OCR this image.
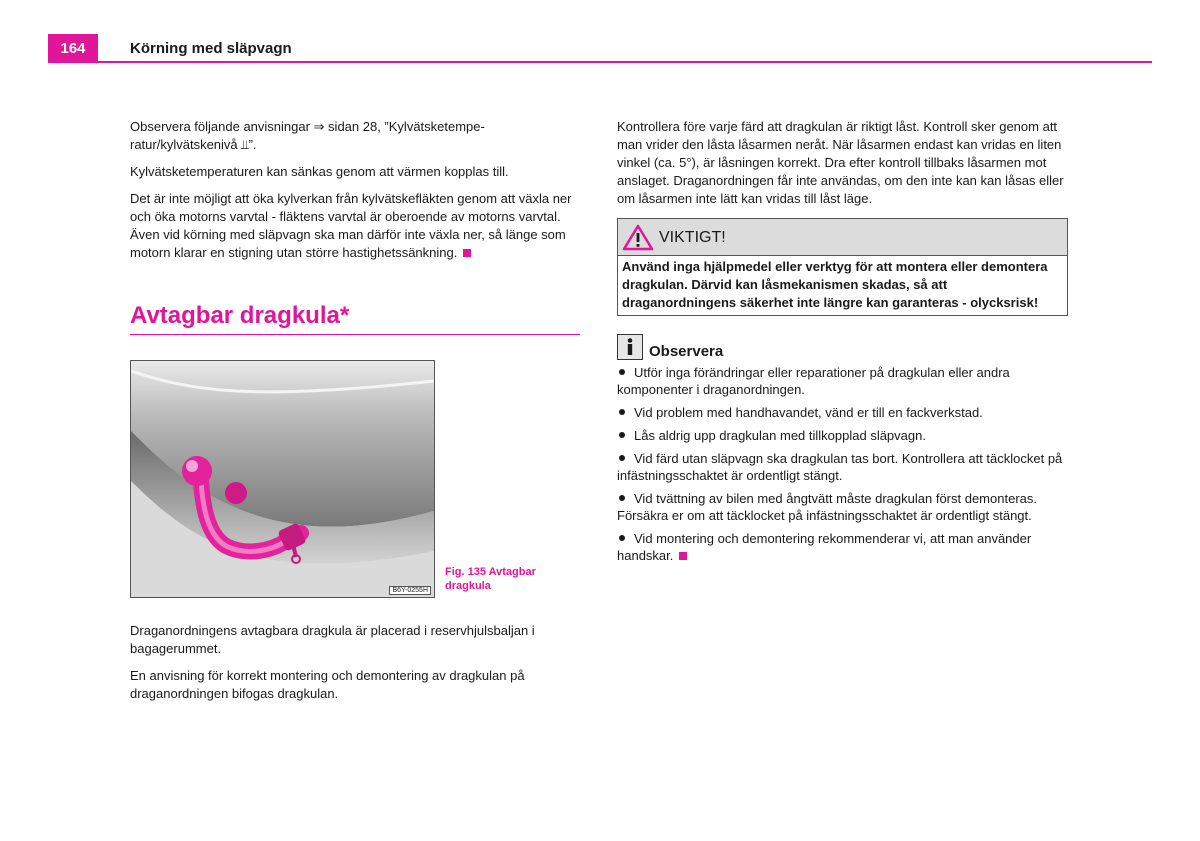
164	Körning med släpvagn

Observera följande anvisningar ⇒ sidan 28, ”Kylvätsketemperatur/kylvätskenivå ⫫”.

Kylvätsketemperaturen kan sänkas genom att värmen kopplas till.

Det är inte möjligt att öka kylverkan från kylvätskefläkten genom att växla ner och öka motorns varvtal - fläktens varvtal är oberoende av motorns varvtal. Även vid körning med släpvagn ska man därför inte växla ner, så länge som motorn klarar en stigning utan större hastighetssänkning.

Avtagbar dragkula*
B6Y-0255H
Fig. 135 Avtagbar dragkula

Draganordningens avtagbara dragkula är placerad i reservhjulsbaljan i bagagerummet.

En anvisning för korrekt montering och demontering av dragkulan på draganordningen bifogas dragkulan.

Kontrollera före varje färd att dragkulan är riktigt låst. Kontroll sker genom att man vrider den låsta låsarmen neråt. När låsarmen endast kan vridas en liten vinkel (ca. 5°), är låsningen korrekt. Dra efter kontroll tillbaks låsarmen mot anslaget. Draganordningen får inte användas, om den inte kan kan låsas eller om låsarmen inte lätt kan vridas till låst läge.

VIKTIGT!
Använd inga hjälpmedel eller verktyg för att montera eller demontera dragkulan. Därvid kan låsmekanismen skadas, så att draganordningens säkerhet inte längre kan garanteras - olycksrisk!
Observera
Utför inga förändringar eller reparationer på dragkulan eller andra komponenter i draganordningen.
Vid problem med handhavandet, vänd er till en fackverkstad.
Lås aldrig upp dragkulan med tillkopplad släpvagn.
Vid färd utan släpvagn ska dragkulan tas bort. Kontrollera att täcklocket på infästningsschaktet är ordentligt stängt.
Vid tvättning av bilen med ångtvätt måste dragkulan först demonteras. Försäkra er om att täcklocket på infästningsschaktet är ordentligt stängt.
Vid montering och demontering rekommenderar vi, att man använder handskar.
